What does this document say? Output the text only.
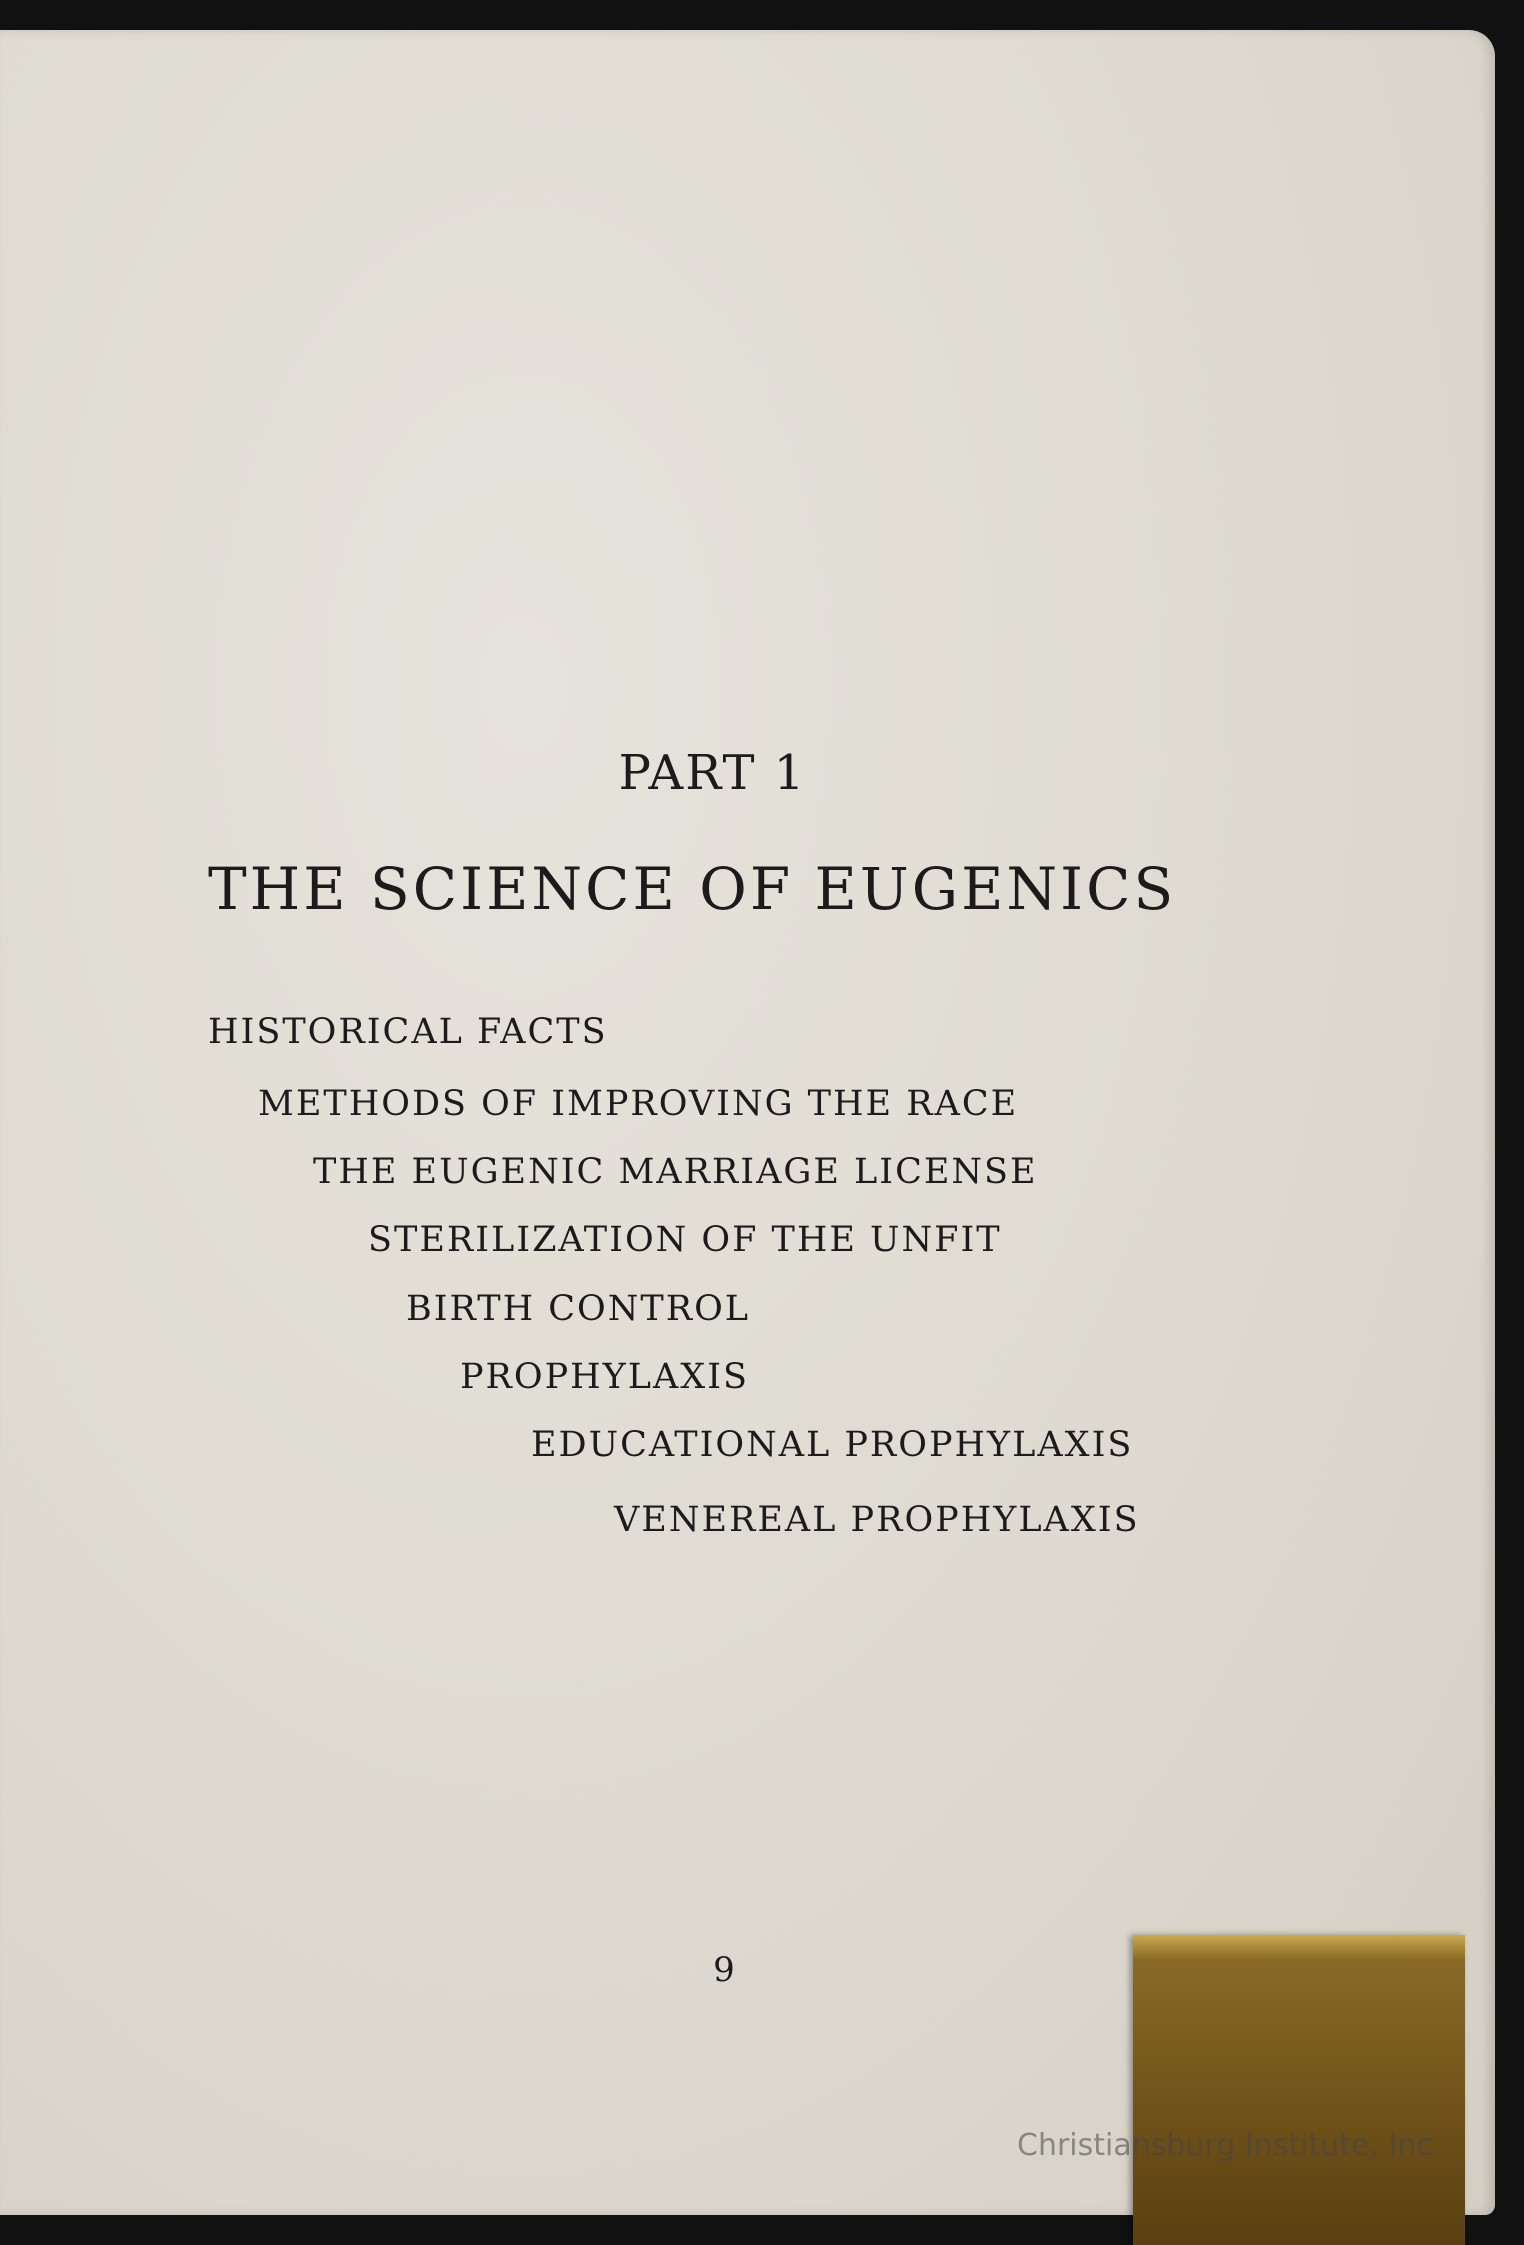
PART 1
THE SCIENCE OF EUGENICS
HISTORICAL FACTS
METHODS OF IMPROVING THE RACE
THE EUGENIC MARRIAGE LICENSE
STERILIZATION OF THE UNFIT
BIRTH CONTROL
PROPHYLAXIS
EDUCATIONAL PROPHYLAXIS
VENEREAL PROPHYLAXIS
9
Christiansburg Institute, Inc
